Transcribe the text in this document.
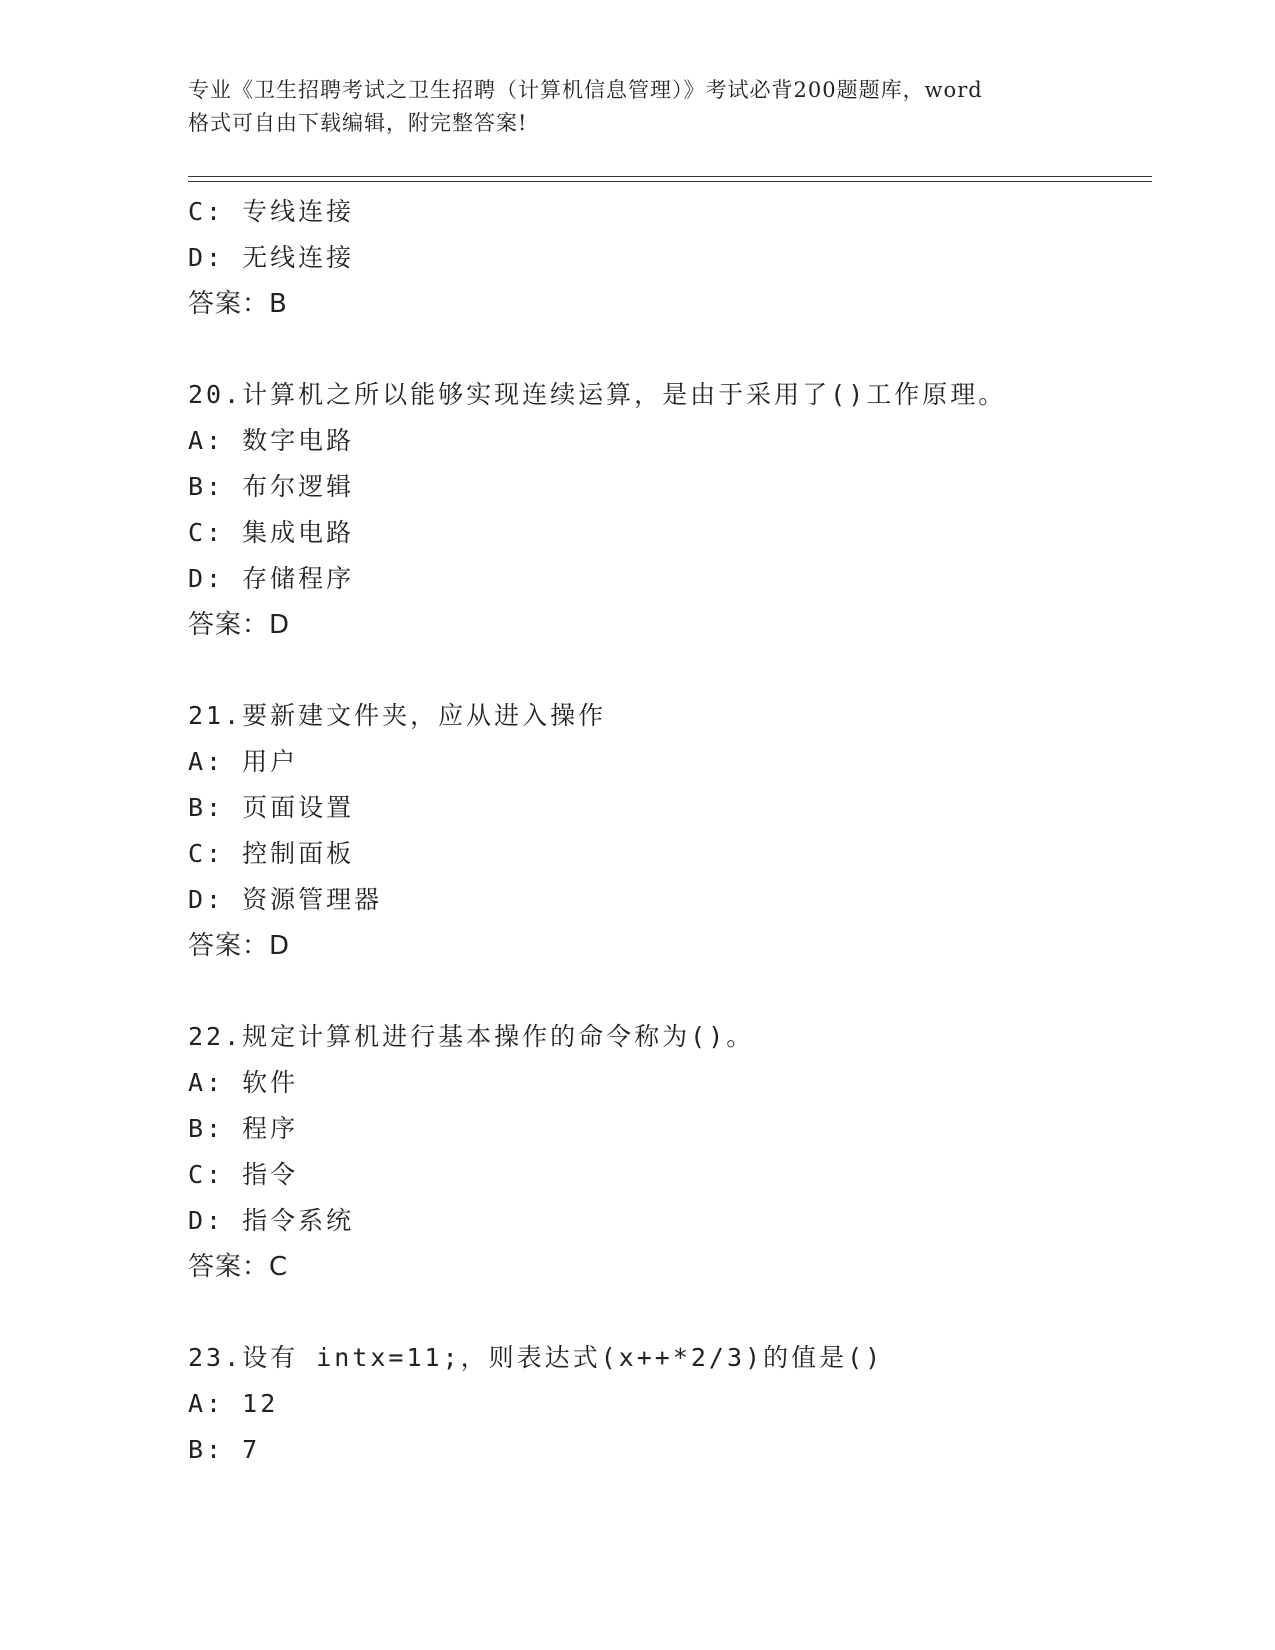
专业《卫生招聘考试之卫生招聘（计算机信息管理）》考试必背200题题库，word
格式可自由下载编辑，附完整答案!
C: 专线连接
D: 无线连接
答案：B
20.计算机之所以能够实现连续运算，是由于采用了()工作原理。
A: 数字电路
B: 布尔逻辑
C: 集成电路
D: 存储程序
答案：D
21.要新建文件夹，应从进入操作
A: 用户
B: 页面设置
C: 控制面板
D: 资源管理器
答案：D
22.规定计算机进行基本操作的命令称为()。
A: 软件
B: 程序
C: 指令
D: 指令系统
答案：C
23.设有 intx=11;，则表达式(x++*2/3)的值是()
A: 12
B: 7
